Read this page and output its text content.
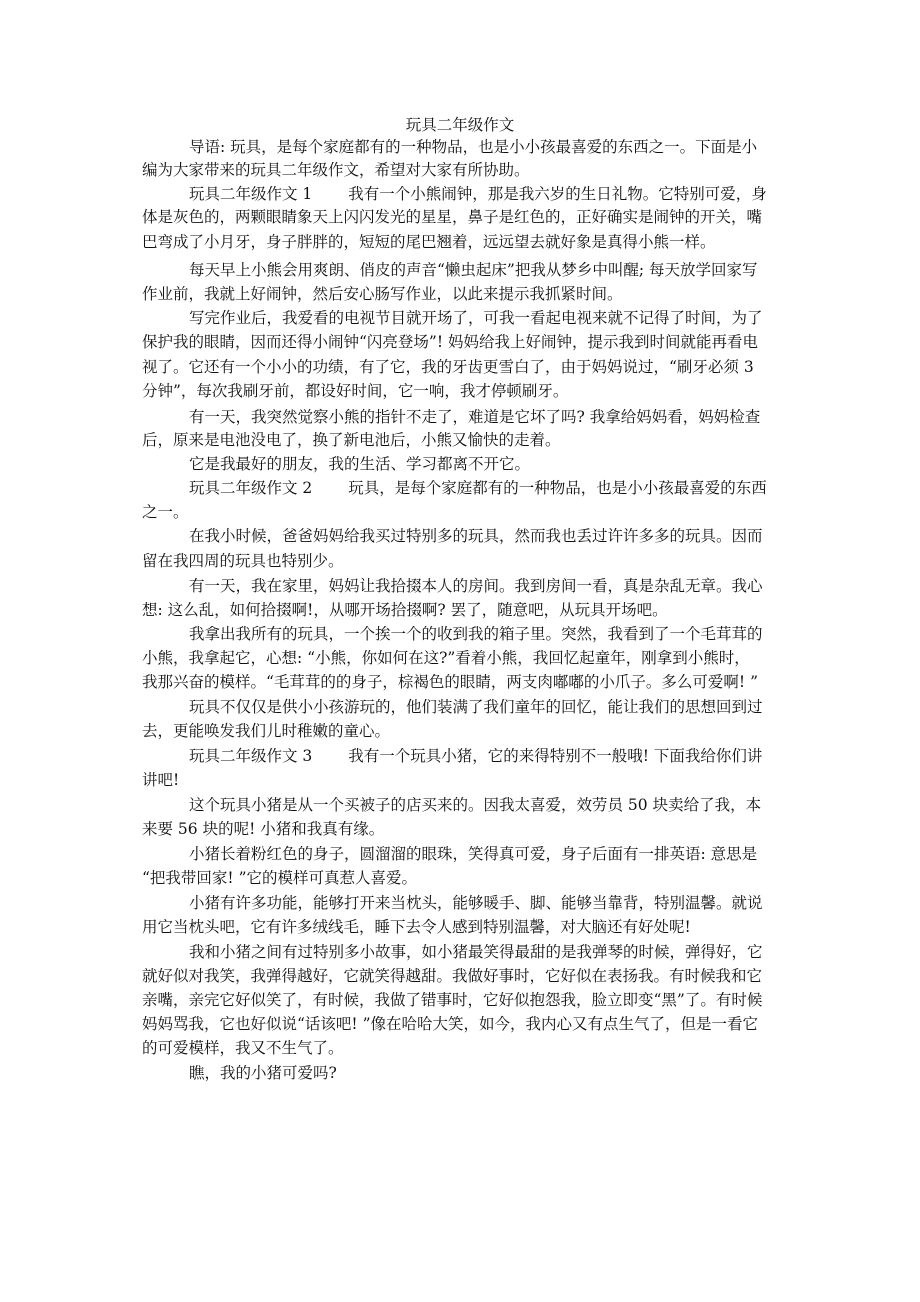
玩具二年级作文
导语: 玩具，是每个家庭都有的一种物品，也是小小孩最喜爱的东西之一。下面是小
编为大家带来的玩具二年级作文，希望对大家有所协助。
玩具二年级作文 1 　　我有一个小熊闹钟，那是我六岁的生日礼物。它特别可爱，身
体是灰色的，两颗眼睛象天上闪闪发光的星星，鼻子是红色的，正好确实是闹钟的开关，嘴
巴弯成了小月牙，身子胖胖的，短短的尾巴翘着，远远望去就好象是真得小熊一样。
每天早上小熊会用爽朗、俏皮的声音“懒虫起床”把我从梦乡中叫醒; 每天放学回家写
作业前，我就上好闹钟，然后安心肠写作业，以此来提示我抓紧时间。
写完作业后，我爱看的电视节目就开场了，可我一看起电视来就不记得了时间，为了
保护我的眼睛，因而还得小闹钟“闪亮登场”! 妈妈给我上好闹钟，提示我到时间就能再看电
视了。它还有一个小小的功绩，有了它，我的牙齿更雪白了，由于妈妈说过，“刷牙必须 3
分钟”，每次我刷牙前，都设好时间，它一响，我才停顿刷牙。
有一天，我突然觉察小熊的指针不走了，难道是它坏了吗? 我拿给妈妈看，妈妈检查
后，原来是电池没电了，换了新电池后，小熊又愉快的走着。
它是我最好的朋友，我的生活、学习都离不开它。
玩具二年级作文 2 　　玩具，是每个家庭都有的一种物品，也是小小孩最喜爱的东西
之一。
在我小时候，爸爸妈妈给我买过特别多的玩具，然而我也丢过许许多多的玩具。因而
留在我四周的玩具也特别少。
有一天，我在家里，妈妈让我拾掇本人的房间。我到房间一看，真是杂乱无章。我心
想: 这么乱，如何拾掇啊!，从哪开场拾掇啊? 罢了，随意吧，从玩具开场吧。
我拿出我所有的玩具，一个挨一个的收到我的箱子里。突然，我看到了一个毛茸茸的
小熊，我拿起它，心想: “小熊，你如何在这?”看着小熊，我回忆起童年，刚拿到小熊时，
我那兴奋的模样。“毛茸茸的的身子，棕褐色的眼睛，两支肉嘟嘟的小爪子。多么可爱啊! ”
玩具不仅仅是供小小孩游玩的，他们装满了我们童年的回忆，能让我们的思想回到过
去，更能唤发我们儿时稚嫩的童心。
玩具二年级作文 3 　　我有一个玩具小猪，它的来得特别不一般哦! 下面我给你们讲
讲吧!
这个玩具小猪是从一个买被子的店买来的。因我太喜爱，效劳员 50 块卖给了我，本
来要 56 块的呢! 小猪和我真有缘。
小猪长着粉红色的身子，圆溜溜的眼珠，笑得真可爱，身子后面有一排英语: 意思是
“把我带回家! ”它的模样可真惹人喜爱。
小猪有许多功能，能够打开来当枕头，能够暖手、脚、能够当靠背，特别温馨。就说
用它当枕头吧，它有许多绒线毛，睡下去令人感到特别温馨，对大脑还有好处呢!
我和小猪之间有过特别多小故事，如小猪最笑得最甜的是我弹琴的时候，弹得好，它
就好似对我笑，我弹得越好，它就笑得越甜。我做好事时，它好似在表扬我。有时候我和它
亲嘴，亲完它好似笑了，有时候，我做了错事时，它好似抱怨我，脸立即变“黑”了。有时候
妈妈骂我，它也好似说“话该吧! ”像在哈哈大笑，如今，我内心又有点生气了，但是一看它
的可爱模样，我又不生气了。
瞧，我的小猪可爱吗?
